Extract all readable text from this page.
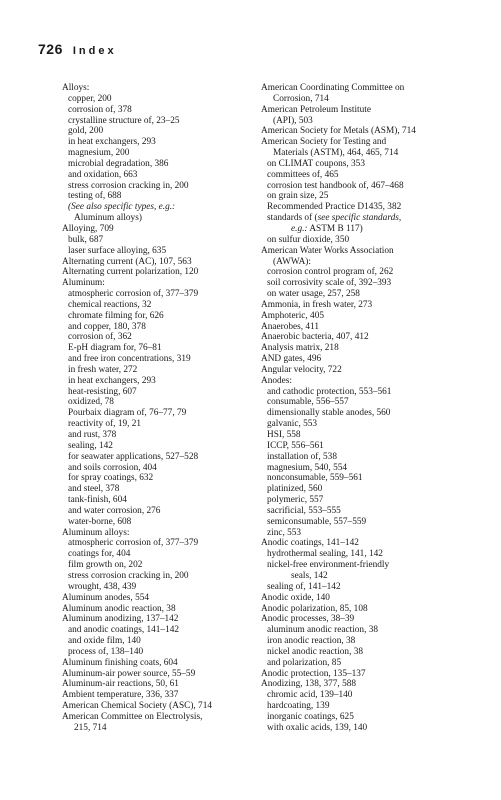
726 Index
Alloys:
copper, 200
corrosion of, 378
crystalline structure of, 23–25
gold, 200
in heat exchangers, 293
magnesium, 200
microbial degradation, 386
and oxidation, 663
stress corrosion cracking in, 200
testing of, 688
(See also specific types, e.g.:
Aluminum alloys)
Alloying, 709
bulk, 687
laser surface alloying, 635
Alternating current (AC), 107, 563
Alternating current polarization, 120
Aluminum:
atmospheric corrosion of, 377–379
chemical reactions, 32
chromate filming for, 626
and copper, 180, 378
corrosion of, 362
E-pH diagram for, 76–81
and free iron concentrations, 319
in fresh water, 272
in heat exchangers, 293
heat-resisting, 607
oxidized, 78
Pourbaix diagram of, 76–77, 79
reactivity of, 19, 21
and rust, 378
sealing, 142
for seawater applications, 527–528
and soils corrosion, 404
for spray coatings, 632
and steel, 378
tank-finish, 604
and water corrosion, 276
water-borne, 608
Aluminum alloys:
atmospheric corrosion of, 377–379
coatings for, 404
film growth on, 202
stress corrosion cracking in, 200
wrought, 438, 439
Aluminum anodes, 554
Aluminum anodic reaction, 38
Aluminum anodizing, 137–142
and anodic coatings, 141–142
and oxide film, 140
process of, 138–140
Aluminum finishing coats, 604
Aluminum-air power source, 55–59
Aluminum-air reactions, 50, 61
Ambient temperature, 336, 337
American Chemical Society (ASC), 714
American Committee on Electrolysis,
215, 714
American Coordinating Committee on
Corrosion, 714
American Petroleum Institute
(API), 503
American Society for Metals (ASM), 714
American Society for Testing and
Materials (ASTM), 464, 465, 714
on CLIMAT coupons, 353
committees of, 465
corrosion test handbook of, 467–468
on grain size, 25
Recommended Practice D1435, 382
standards of (see specific standards,
e.g.: ASTM B 117)
on sulfur dioxide, 350
American Water Works Association
(AWWA):
corrosion control program of, 262
soil corrosivity scale of, 392–393
on water usage, 257, 258
Ammonia, in fresh water, 273
Amphoteric, 405
Anaerobes, 411
Anaerobic bacteria, 407, 412
Analysis matrix, 218
AND gates, 496
Angular velocity, 722
Anodes:
and cathodic protection, 553–561
consumable, 556–557
dimensionally stable anodes, 560
galvanic, 553
HSI, 558
ICCP, 556–561
installation of, 538
magnesium, 540, 554
nonconsumable, 559–561
platinized, 560
polymeric, 557
sacrificial, 553–555
semiconsumable, 557–559
zinc, 553
Anodic coatings, 141–142
hydrothermal sealing, 141, 142
nickel-free environment-friendly
seals, 142
sealing of, 141–142
Anodic oxide, 140
Anodic polarization, 85, 108
Anodic processes, 38–39
aluminum anodic reaction, 38
iron anodic reaction, 38
nickel anodic reaction, 38
and polarization, 85
Anodic protection, 135–137
Anodizing, 138, 377, 588
chromic acid, 139–140
hardcoating, 139
inorganic coatings, 625
with oxalic acids, 139, 140
